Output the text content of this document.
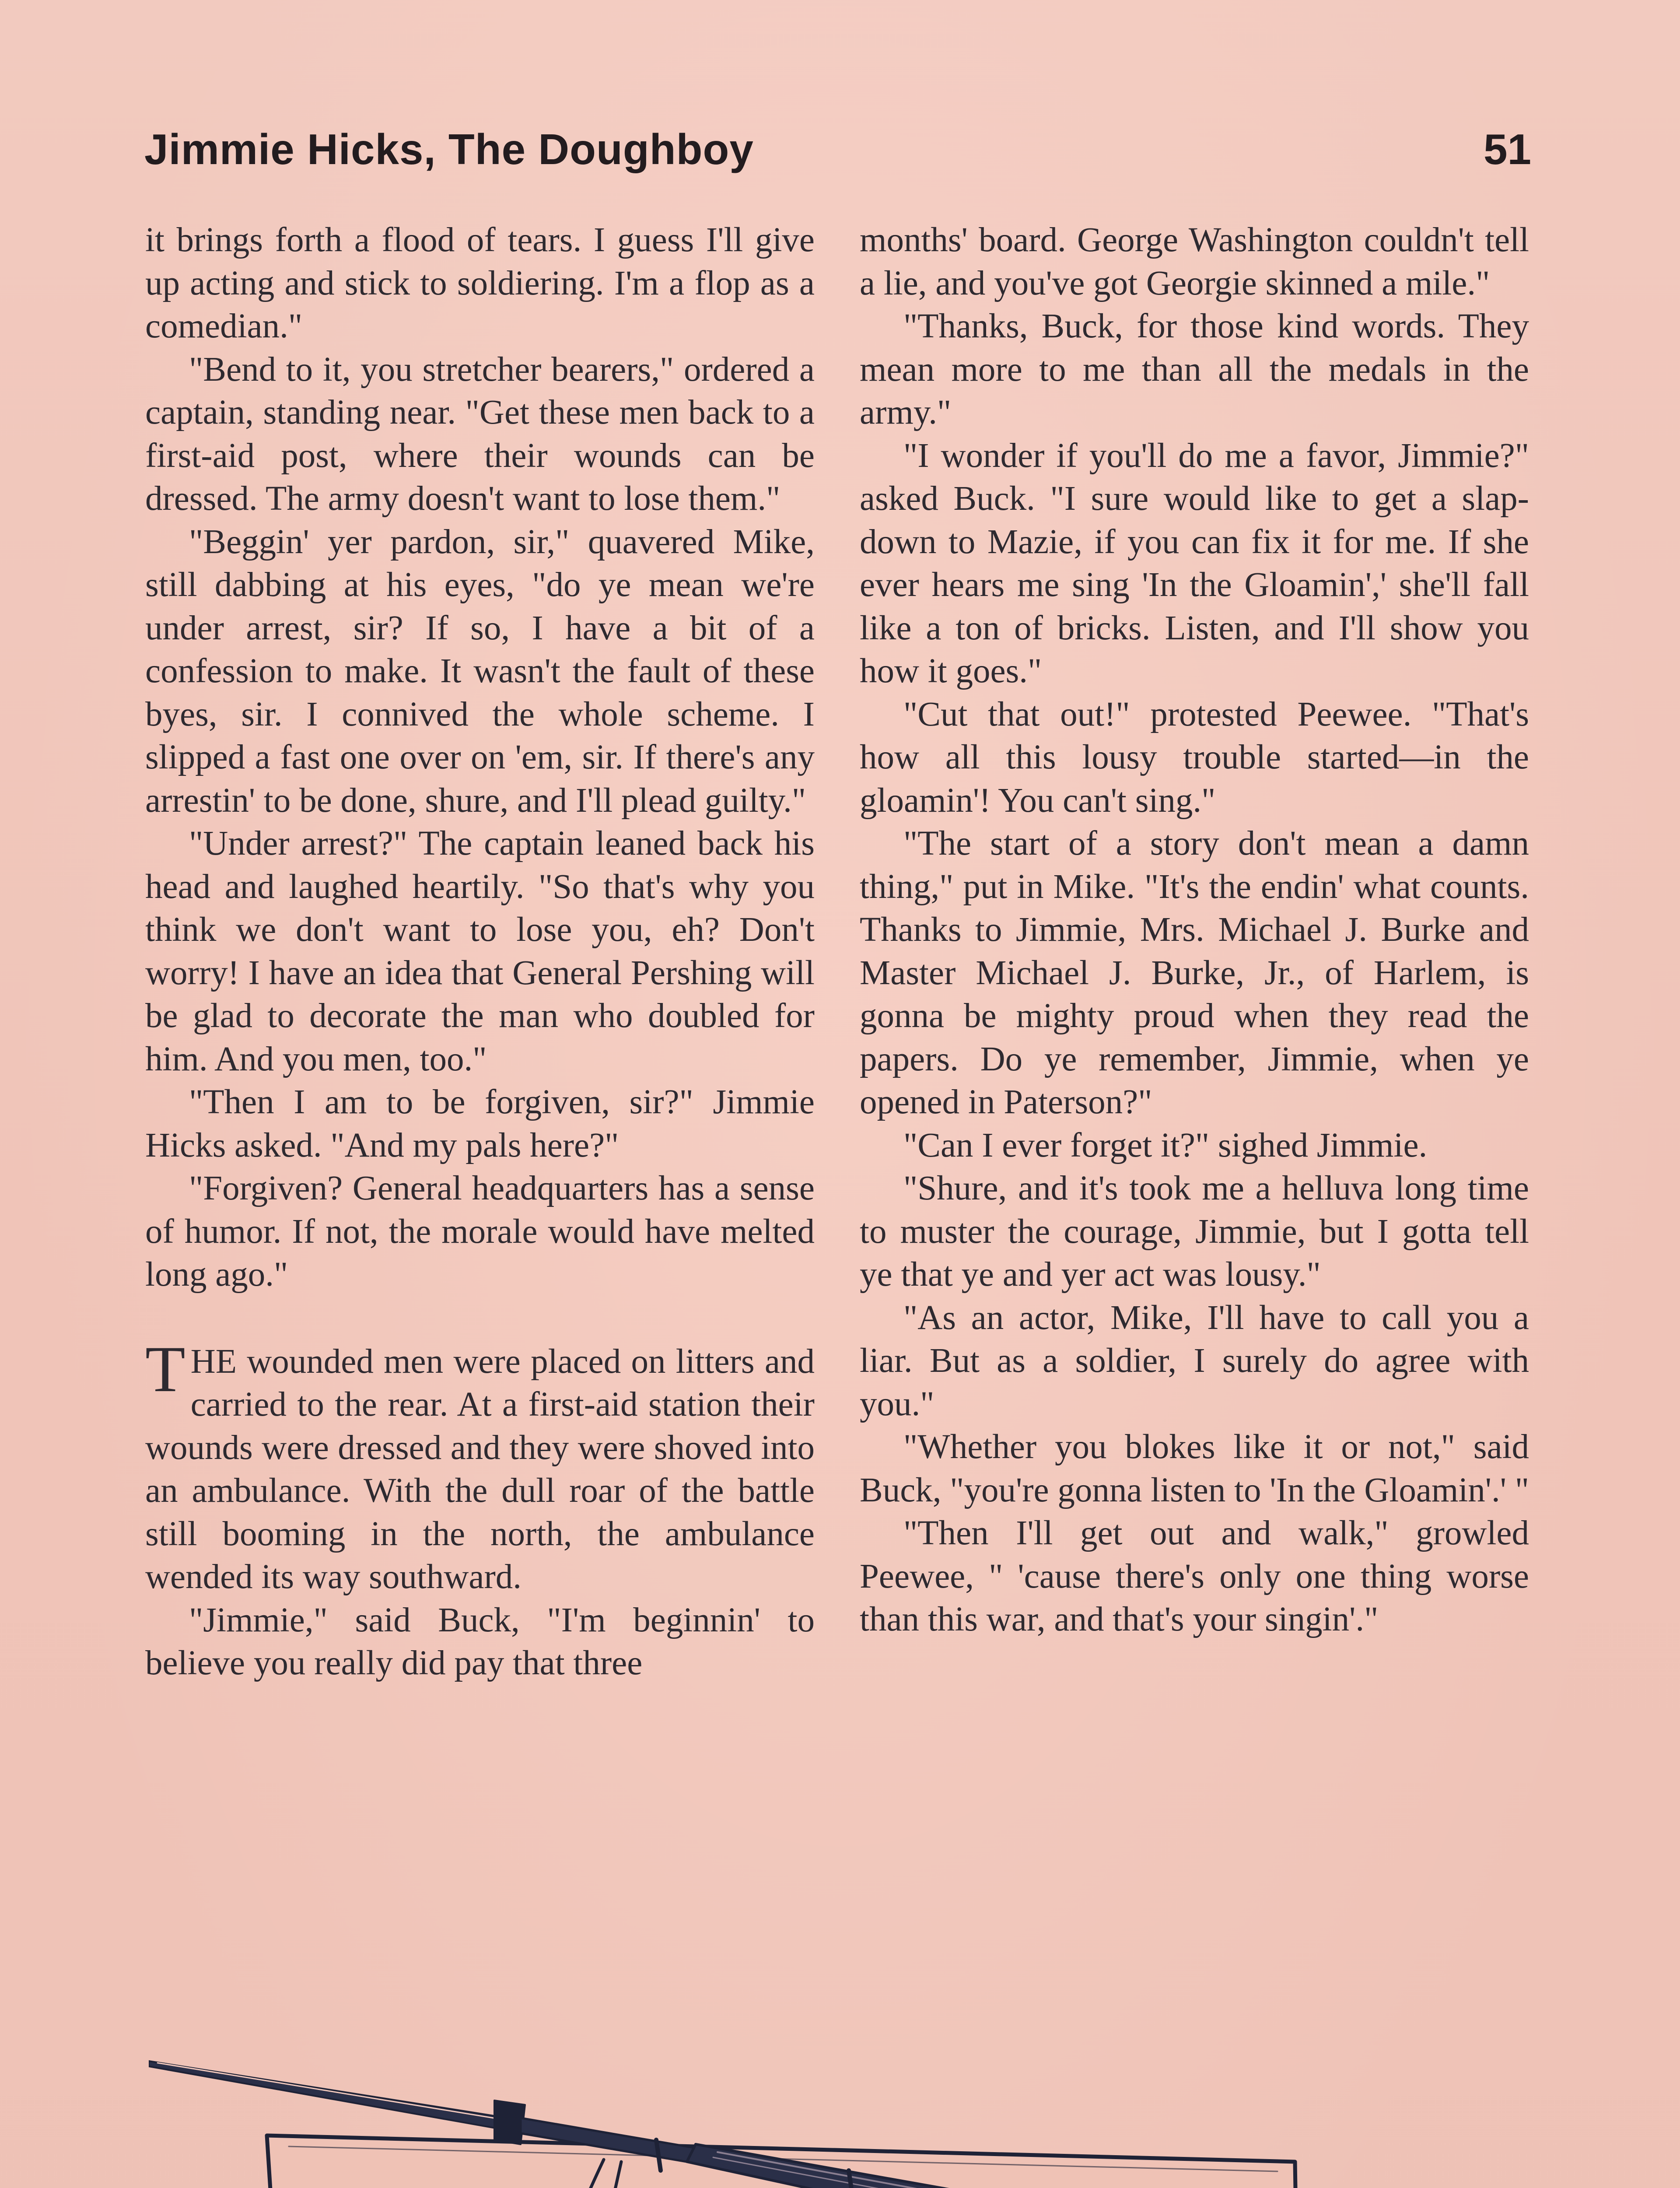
Jimmie Hicks, The Doughboy	51

it brings forth a flood of tears. I guess I'll give up acting and stick to soldiering. I'm a flop as a comedian."

"Bend to it, you stretcher bearers," ordered a captain, standing near. "Get these men back to a first-aid post, where their wounds can be dressed. The army doesn't want to lose them."

"Beggin' yer pardon, sir," quavered Mike, still dabbing at his eyes, "do ye mean we're under arrest, sir? If so, I have a bit of a confession to make. It wasn't the fault of these byes, sir. I connived the whole scheme. I slipped a fast one over on 'em, sir. If there's any arrestin' to be done, shure, and I'll plead guilty."

"Under arrest?" The captain leaned back his head and laughed heartily. "So that's why you think we don't want to lose you, eh? Don't worry! I have an idea that General Pershing will be glad to decorate the man who doubled for him. And you men, too."

"Then I am to be forgiven, sir?" Jimmie Hicks asked. "And my pals here?"

"Forgiven? General headquarters has a sense of humor. If not, the morale would have melted long ago."

THE wounded men were placed on litters and carried to the rear. At a first-aid station their wounds were dressed and they were shoved into an ambulance. With the dull roar of the battle still booming in the north, the ambulance wended its way southward.

"Jimmie," said Buck, "I'm beginnin' to believe you really did pay that three

months' board. George Washington couldn't tell a lie, and you've got Georgie skinned a mile."

"Thanks, Buck, for those kind words. They mean more to me than all the medals in the army."

"I wonder if you'll do me a favor, Jimmie?" asked Buck. "I sure would like to get a slap-down to Mazie, if you can fix it for me. If she ever hears me sing 'In the Gloamin',' she'll fall like a ton of bricks. Listen, and I'll show you how it goes."

"Cut that out!" protested Peewee. "That's how all this lousy trouble started—in the gloamin'! You can't sing."

"The start of a story don't mean a damn thing," put in Mike. "It's the endin' what counts. Thanks to Jimmie, Mrs. Michael J. Burke and Master Michael J. Burke, Jr., of Harlem, is gonna be mighty proud when they read the papers. Do ye remember, Jimmie, when ye opened in Paterson?"

"Can I ever forget it?" sighed Jimmie.

"Shure, and it's took me a helluva long time to muster the courage, Jimmie, but I gotta tell ye that ye and yer act was lousy."

"As an actor, Mike, I'll have to call you a liar. But as a soldier, I surely do agree with you."

"Whether you blokes like it or not," said Buck, "you're gonna listen to 'In the Gloamin'.' "

"Then I'll get out and walk," growled Peewee, " 'cause there's only one thing worse than this war, and that's your singin'."
